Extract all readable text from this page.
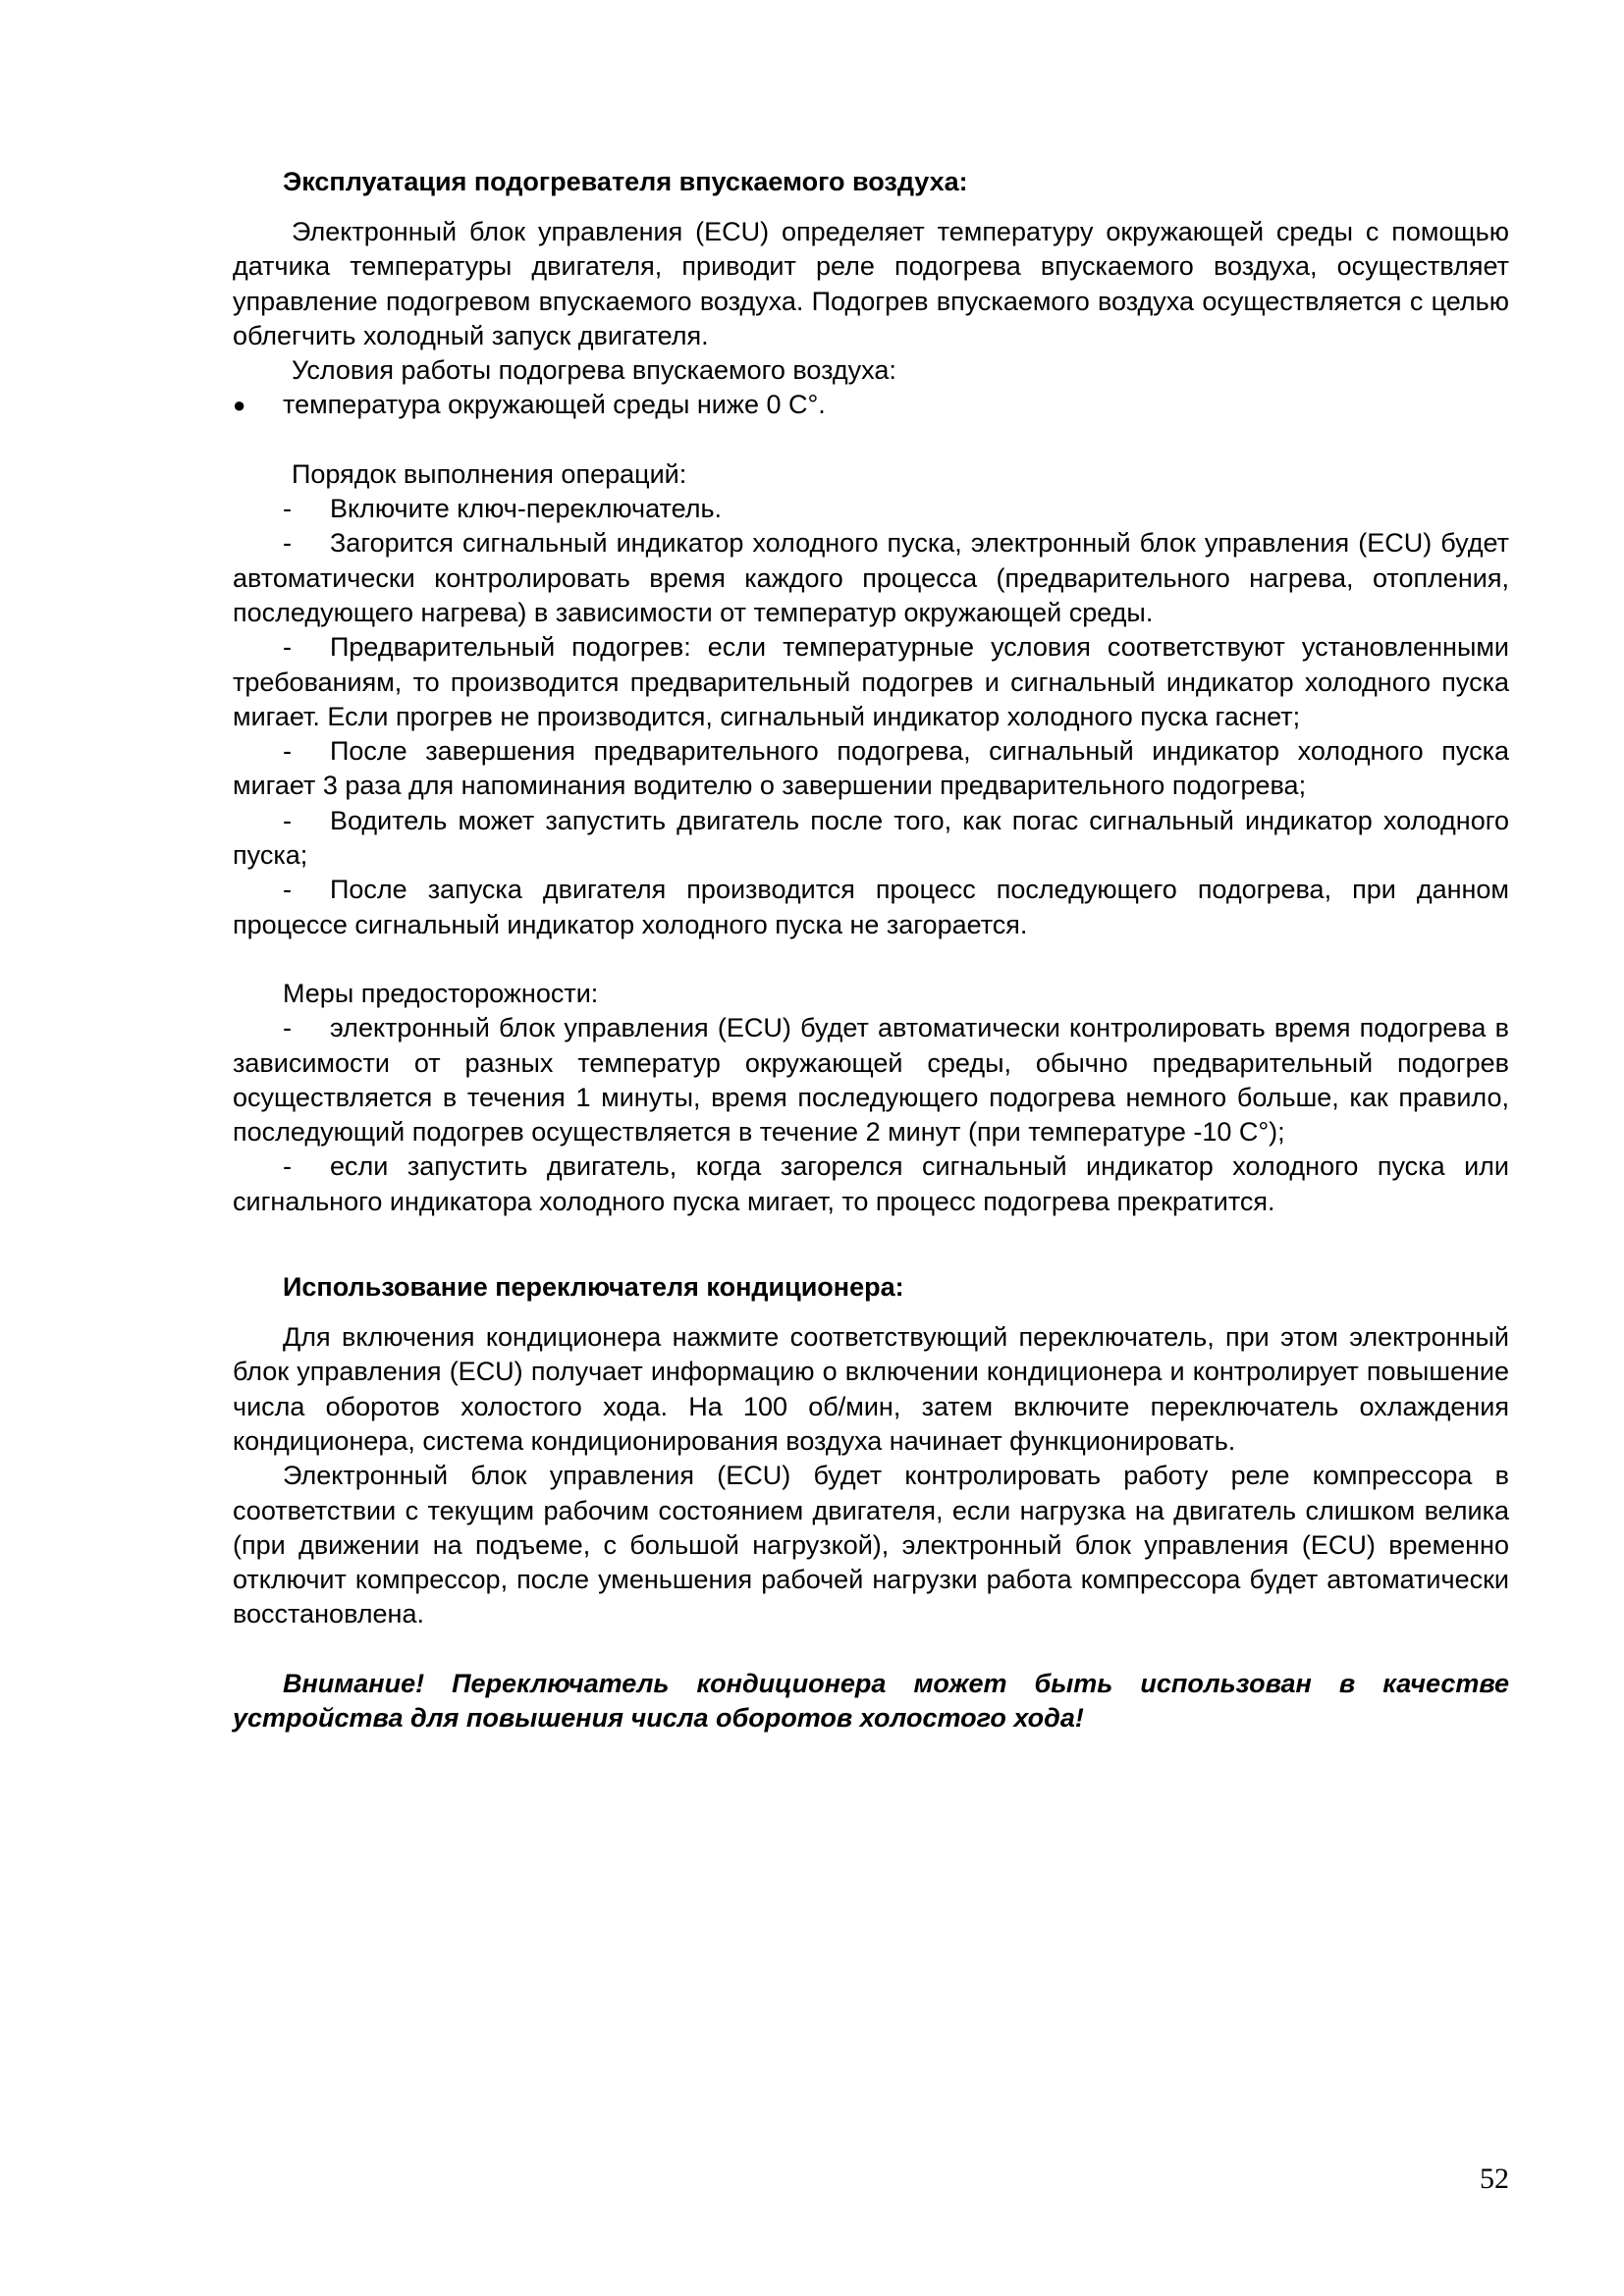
Эксплуатация подогревателя впускаемого воздуха:

Электронный блок управления (ECU) определяет температуру окружающей среды с помощью датчика температуры двигателя, приводит реле подогрева впускаемого воздуха, осуществляет управление подогревом впускаемого воздуха. Подогрев впускаемого воздуха осуществляется с целью облегчить холодный запуск двигателя.

Условия работы подогрева впускаемого воздуха:

●	температура окружающей среды ниже 0 С°.

Порядок выполнения операций:

- Включите ключ-переключатель.

- Загорится сигнальный индикатор холодного пуска, электронный блок управления (ECU) будет автоматически контролировать время каждого процесса (предварительного нагрева, отопления, последующего нагрева) в зависимости от температур окружающей среды.

- Предварительный подогрев: если температурные условия соответствуют установленными требованиям, то производится предварительный подогрев и сигнальный индикатор холодного пуска мигает. Если прогрев не производится, сигнальный индикатор холодного пуска гаснет;

- После завершения предварительного подогрева, сигнальный индикатор холодного пуска мигает 3 раза для напоминания водителю о завершении предварительного подогрева;

- Водитель может запустить двигатель после того, как погас сигнальный индикатор холодного пуска;

- После запуска двигателя производится процесс последующего подогрева, при данном процессе сигнальный индикатор холодного пуска не загорается.

Меры предосторожности:

- электронный блок управления (ECU) будет автоматически контролировать время подогрева в зависимости от разных температур окружающей среды, обычно предварительный подогрев осуществляется в течения 1 минуты, время последующего подогрева немного больше, как правило, последующий подогрев осуществляется в течение 2 минут (при температуре -10 С°);

- если запустить двигатель, когда загорелся сигнальный индикатор холодного пуска или сигнального индикатора холодного пуска мигает, то процесс подогрева прекратится.

Использование переключателя кондиционера:

Для включения кондиционера нажмите соответствующий переключатель, при этом электронный блок управления (ECU) получает информацию о включении кондиционера и контролирует повышение числа оборотов холостого хода. На 100 об/мин, затем включите переключатель охлаждения кондиционера, система кондиционирования воздуха начинает функционировать.

Электронный блок управления (ECU) будет контролировать работу реле компрессора в соответствии с текущим рабочим состоянием двигателя, если нагрузка на двигатель слишком велика (при движении на подъеме, с большой нагрузкой), электронный блок управления (ECU) временно отключит компрессор, после уменьшения рабочей нагрузки работа компрессора будет автоматически восстановлена.

Внимание! Переключатель кондиционера может быть использован в качестве устройства для повышения числа оборотов холостого хода!

52
